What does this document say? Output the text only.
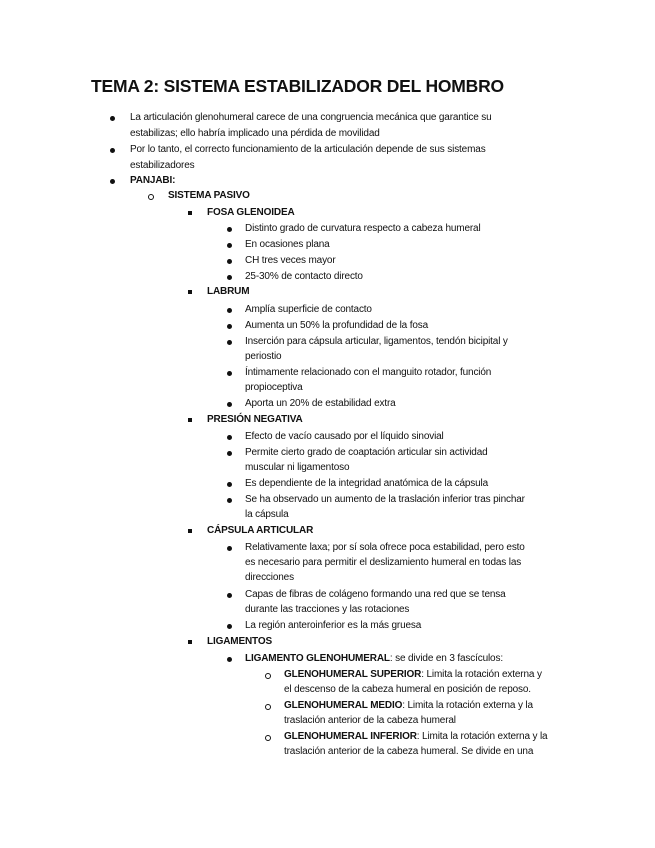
TEMA 2: SISTEMA ESTABILIZADOR DEL HOMBRO
La articulación glenohumeral carece de una congruencia mecánica que garantice su
estabilizas; ello habría implicado una pérdida de movilidad
Por lo tanto, el correcto funcionamiento de la articulación depende de sus sistemas
estabilizadores
PANJABI:
SISTEMA PASIVO
FOSA GLENOIDEA
Distinto grado de curvatura respecto a cabeza humeral
En ocasiones plana
CH tres veces mayor
25-30% de contacto directo
LABRUM
Amplía superficie de contacto
Aumenta un 50% la profundidad de la fosa
Inserción para cápsula articular, ligamentos, tendón bicipital y
periostio
Íntimamente relacionado con el manguito rotador, función
propioceptiva
Aporta un 20% de estabilidad extra
PRESIÓN NEGATIVA
Efecto de vacío causado por el líquido sinovial
Permite cierto grado de coaptación articular sin actividad
muscular ni ligamentoso
Es dependiente de la integridad anatómica de la cápsula
Se ha observado un aumento de la traslación inferior tras pinchar
la cápsula
CÁPSULA ARTICULAR
Relativamente laxa; por sí sola ofrece poca estabilidad, pero esto
es necesario para permitir el deslizamiento humeral en todas las
direcciones
Capas de fibras de colágeno formando una red que se tensa
durante las tracciones y las rotaciones
La región anteroinferior es la más gruesa
LIGAMENTOS
LIGAMENTO GLENOHUMERAL: se divide en 3 fascículos:
GLENOHUMERAL SUPERIOR: Limita la rotación externa y
el descenso de la cabeza humeral en posición de reposo.
GLENOHUMERAL MEDIO: Limita la rotación externa y la
traslación anterior de la cabeza humeral
GLENOHUMERAL INFERIOR: Limita la rotación externa y la
traslación anterior de la cabeza humeral. Se divide en una
